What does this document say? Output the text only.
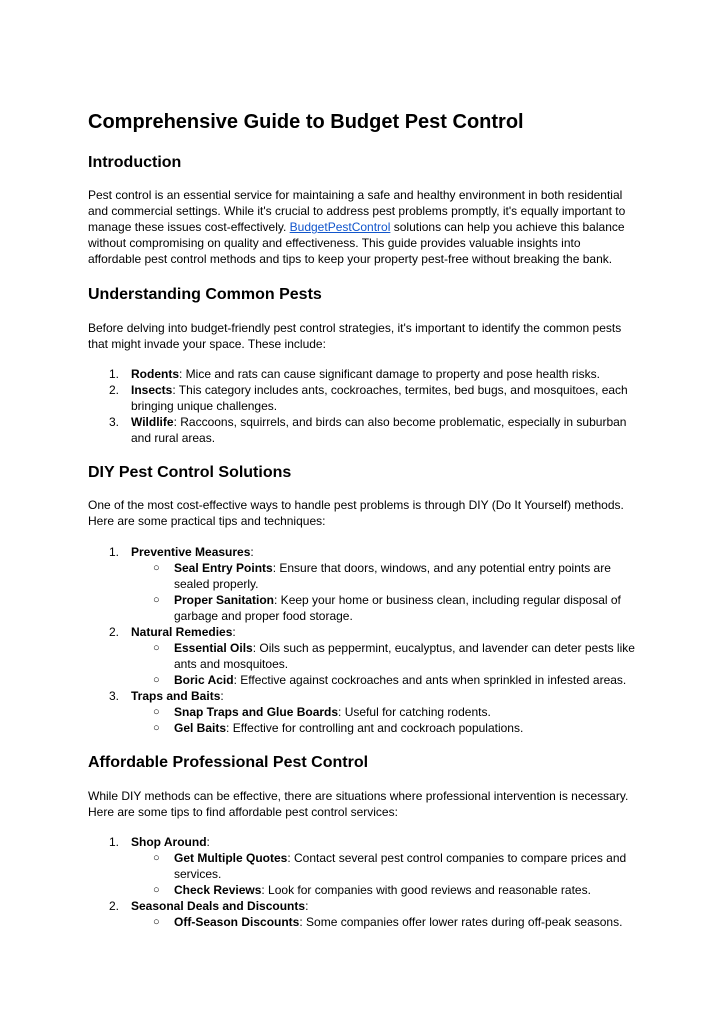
Comprehensive Guide to Budget Pest Control
Introduction

Pest control is an essential service for maintaining a safe and healthy environment in both residential and commercial settings. While it's crucial to address pest problems promptly, it's equally important to manage these issues cost-effectively. BudgetPestControl solutions can help you achieve this balance without compromising on quality and effectiveness. This guide provides valuable insights into affordable pest control methods and tips to keep your property pest-free without breaking the bank.

Understanding Common Pests

Before delving into budget-friendly pest control strategies, it's important to identify the common pests that might invade your space. These include:

1. Rodents: Mice and rats can cause significant damage to property and pose health risks.
2. Insects: This category includes ants, cockroaches, termites, bed bugs, and mosquitoes, each bringing unique challenges.
3. Wildlife: Raccoons, squirrels, and birds can also become problematic, especially in suburban and rural areas.
DIY Pest Control Solutions

One of the most cost-effective ways to handle pest problems is through DIY (Do It Yourself) methods. Here are some practical tips and techniques:

1. Preventive Measures:
○ Seal Entry Points: Ensure that doors, windows, and any potential entry points are sealed properly.
○ Proper Sanitation: Keep your home or business clean, including regular disposal of garbage and proper food storage.
2. Natural Remedies:
○ Essential Oils: Oils such as peppermint, eucalyptus, and lavender can deter pests like ants and mosquitoes.
○ Boric Acid: Effective against cockroaches and ants when sprinkled in infested areas.
3. Traps and Baits:
○ Snap Traps and Glue Boards: Useful for catching rodents.
○ Gel Baits: Effective for controlling ant and cockroach populations.
Affordable Professional Pest Control

While DIY methods can be effective, there are situations where professional intervention is necessary. Here are some tips to find affordable pest control services:

1. Shop Around:
○ Get Multiple Quotes: Contact several pest control companies to compare prices and services.
○ Check Reviews: Look for companies with good reviews and reasonable rates.
2. Seasonal Deals and Discounts:
○ Off-Season Discounts: Some companies offer lower rates during off-peak seasons.
